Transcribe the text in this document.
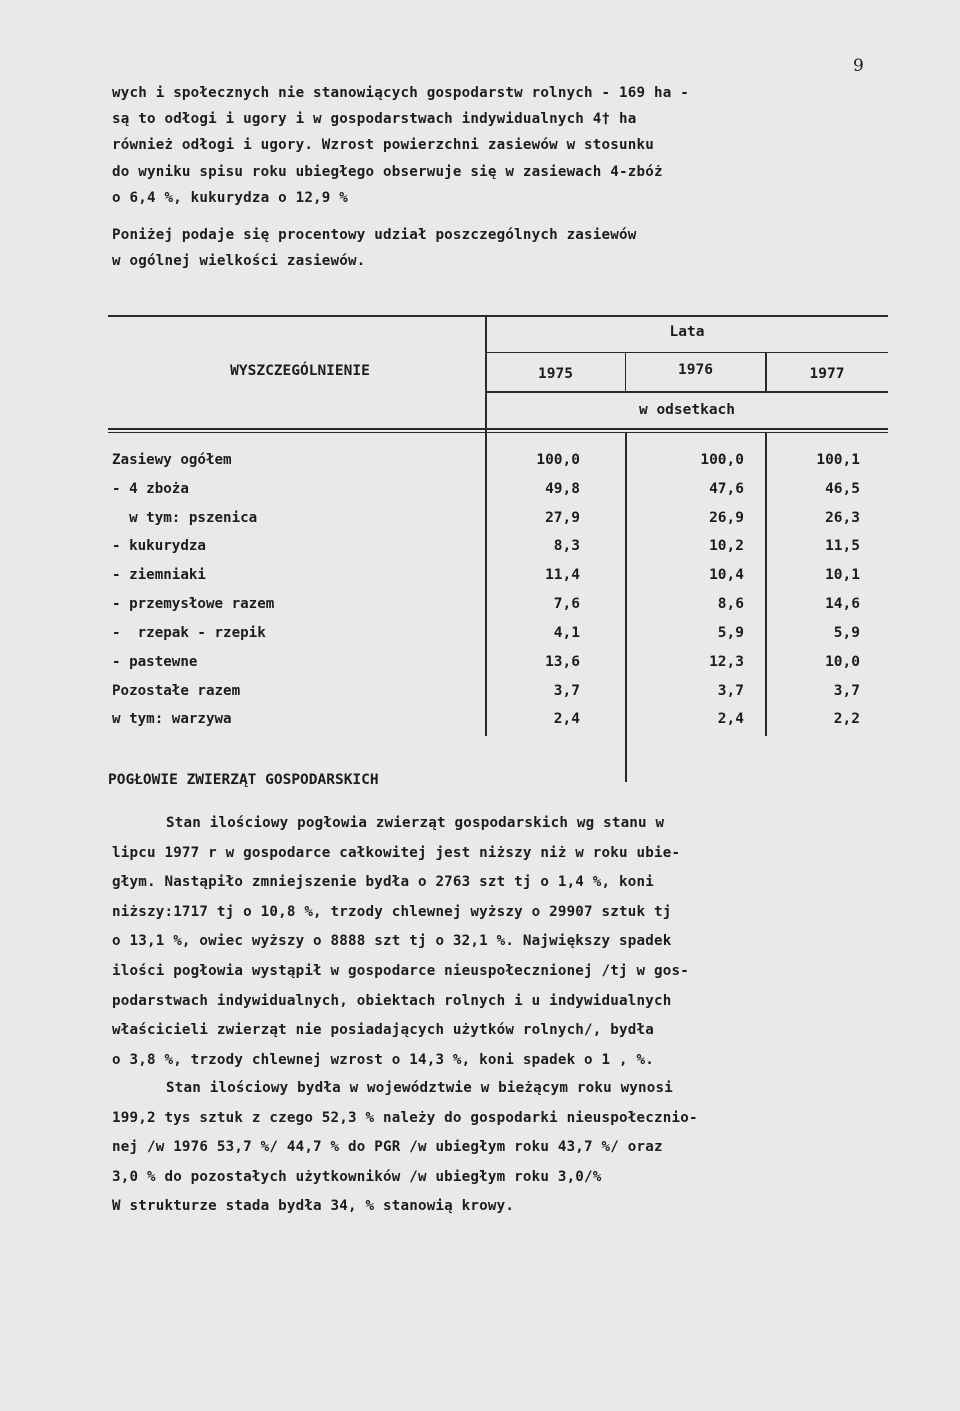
9
wych i społecznych nie stanowiących gospodarstw rolnych - 169 ha -
są to odłogi i ugory i w gospodarstwach indywidualnych 4† ha
również odłogi i ugory. Wzrost powierzchni zasiewów w stosunku
do wyniku spisu roku ubiegłego obserwuje się w zasiewach 4-zbóż
o 6,4 %, kukurydza o 12,9 %
Poniżej podaje się procentowy udział poszczególnych zasiewów
w ogólnej wielkości zasiewów.
WYSZCZEGÓLNIENIE
Lata
1975	1976	1977
w odsetkach
Zasiewy ogółem	100,0	100,0	100,1
- 4 zboża	49,8	47,6	46,5
w tym: pszenica	27,9	26,9	26,3
- kukurydza	8,3	10,2	11,5
- ziemniaki	11,4	10,4	10,1
- przemysłowe razem	7,6	8,6	14,6
-  rzepak - rzepik	4,1	5,9	5,9
- pastewne	13,6	12,3	10,0
Pozostałe razem	3,7	3,7	3,7
w tym: warzywa	2,4	2,4	2,2
POGŁOWIE ZWIERZĄT GOSPODARSKICH
Stan ilościowy pogłowia zwierząt gospodarskich wg stanu w
lipcu 1977 r w gospodarce całkowitej jest niższy niż w roku ubie-
głym. Nastąpiło zmniejszenie bydła o 2763 szt tj o 1,4 %, koni
niższy:1717 tj o 10,8 %, trzody chlewnej wyższy o 29907 sztuk tj
o 13,1 %, owiec wyższy o 8888 szt tj o 32,1 %. Największy spadek
ilości pogłowia wystąpił w gospodarce nieuspołecznionej /tj w gos-
podarstwach indywidualnych, obiektach rolnych i u indywidualnych
właścicieli zwierząt nie posiadających użytków rolnych/, bydła
o 3,8 %, trzody chlewnej wzrost o 14,3 %, koni spadek o 1 , %.
Stan ilościowy bydła w województwie w bieżącym roku wynosi
199,2 tys sztuk z czego 52,3 % należy do gospodarki nieuspołeczniо-
nej /w 1976 53,7 %/ 44,7 % do PGR /w ubiegłym roku 43,7 %/ oraz
3,0 % do pozostałych użytkowników /w ubiegłym roku 3,0/%
W strukturze stada bydła 34, % stanowią krowy.
